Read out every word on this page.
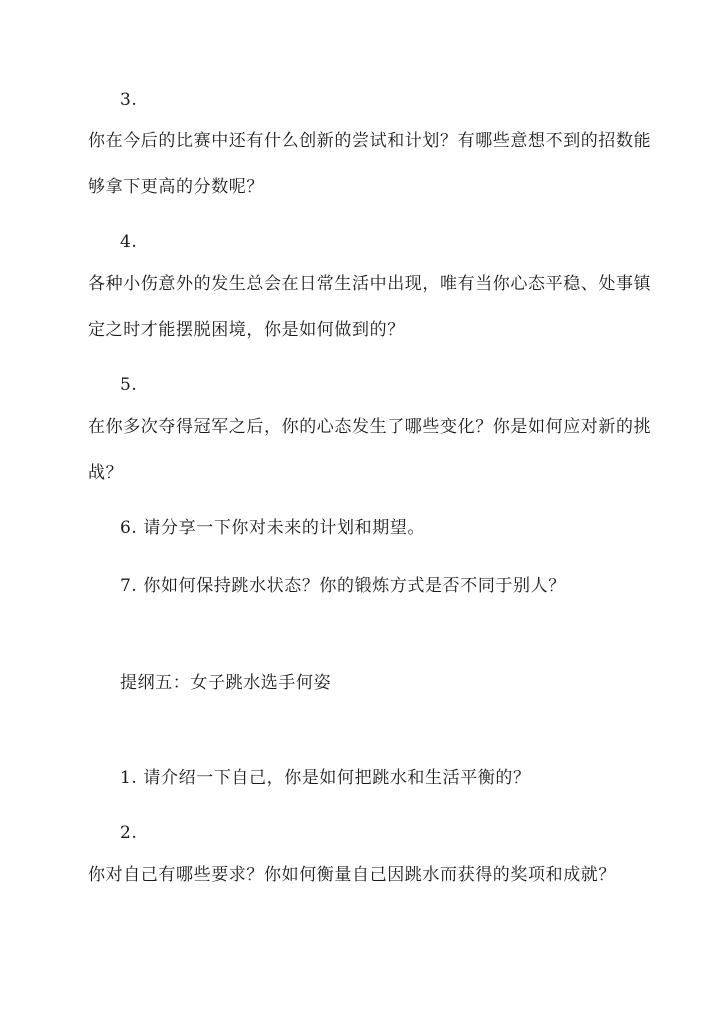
3.
你在今后的比赛中还有什么创新的尝试和计划？有哪些意想不到的招数能
够拿下更高的分数呢？
4.
各种小伤意外的发生总会在日常生活中出现，唯有当你心态平稳、处事镇
定之时才能摆脱困境，你是如何做到的？
5.
在你多次夺得冠军之后，你的心态发生了哪些变化？你是如何应对新的挑
战？
6. 请分享一下你对未来的计划和期望。
7. 你如何保持跳水状态？你的锻炼方式是否不同于别人？
提纲五：女子跳水选手何姿
1. 请介绍一下自己，你是如何把跳水和生活平衡的？
2.
你对自己有哪些要求？你如何衡量自己因跳水而获得的奖项和成就？
